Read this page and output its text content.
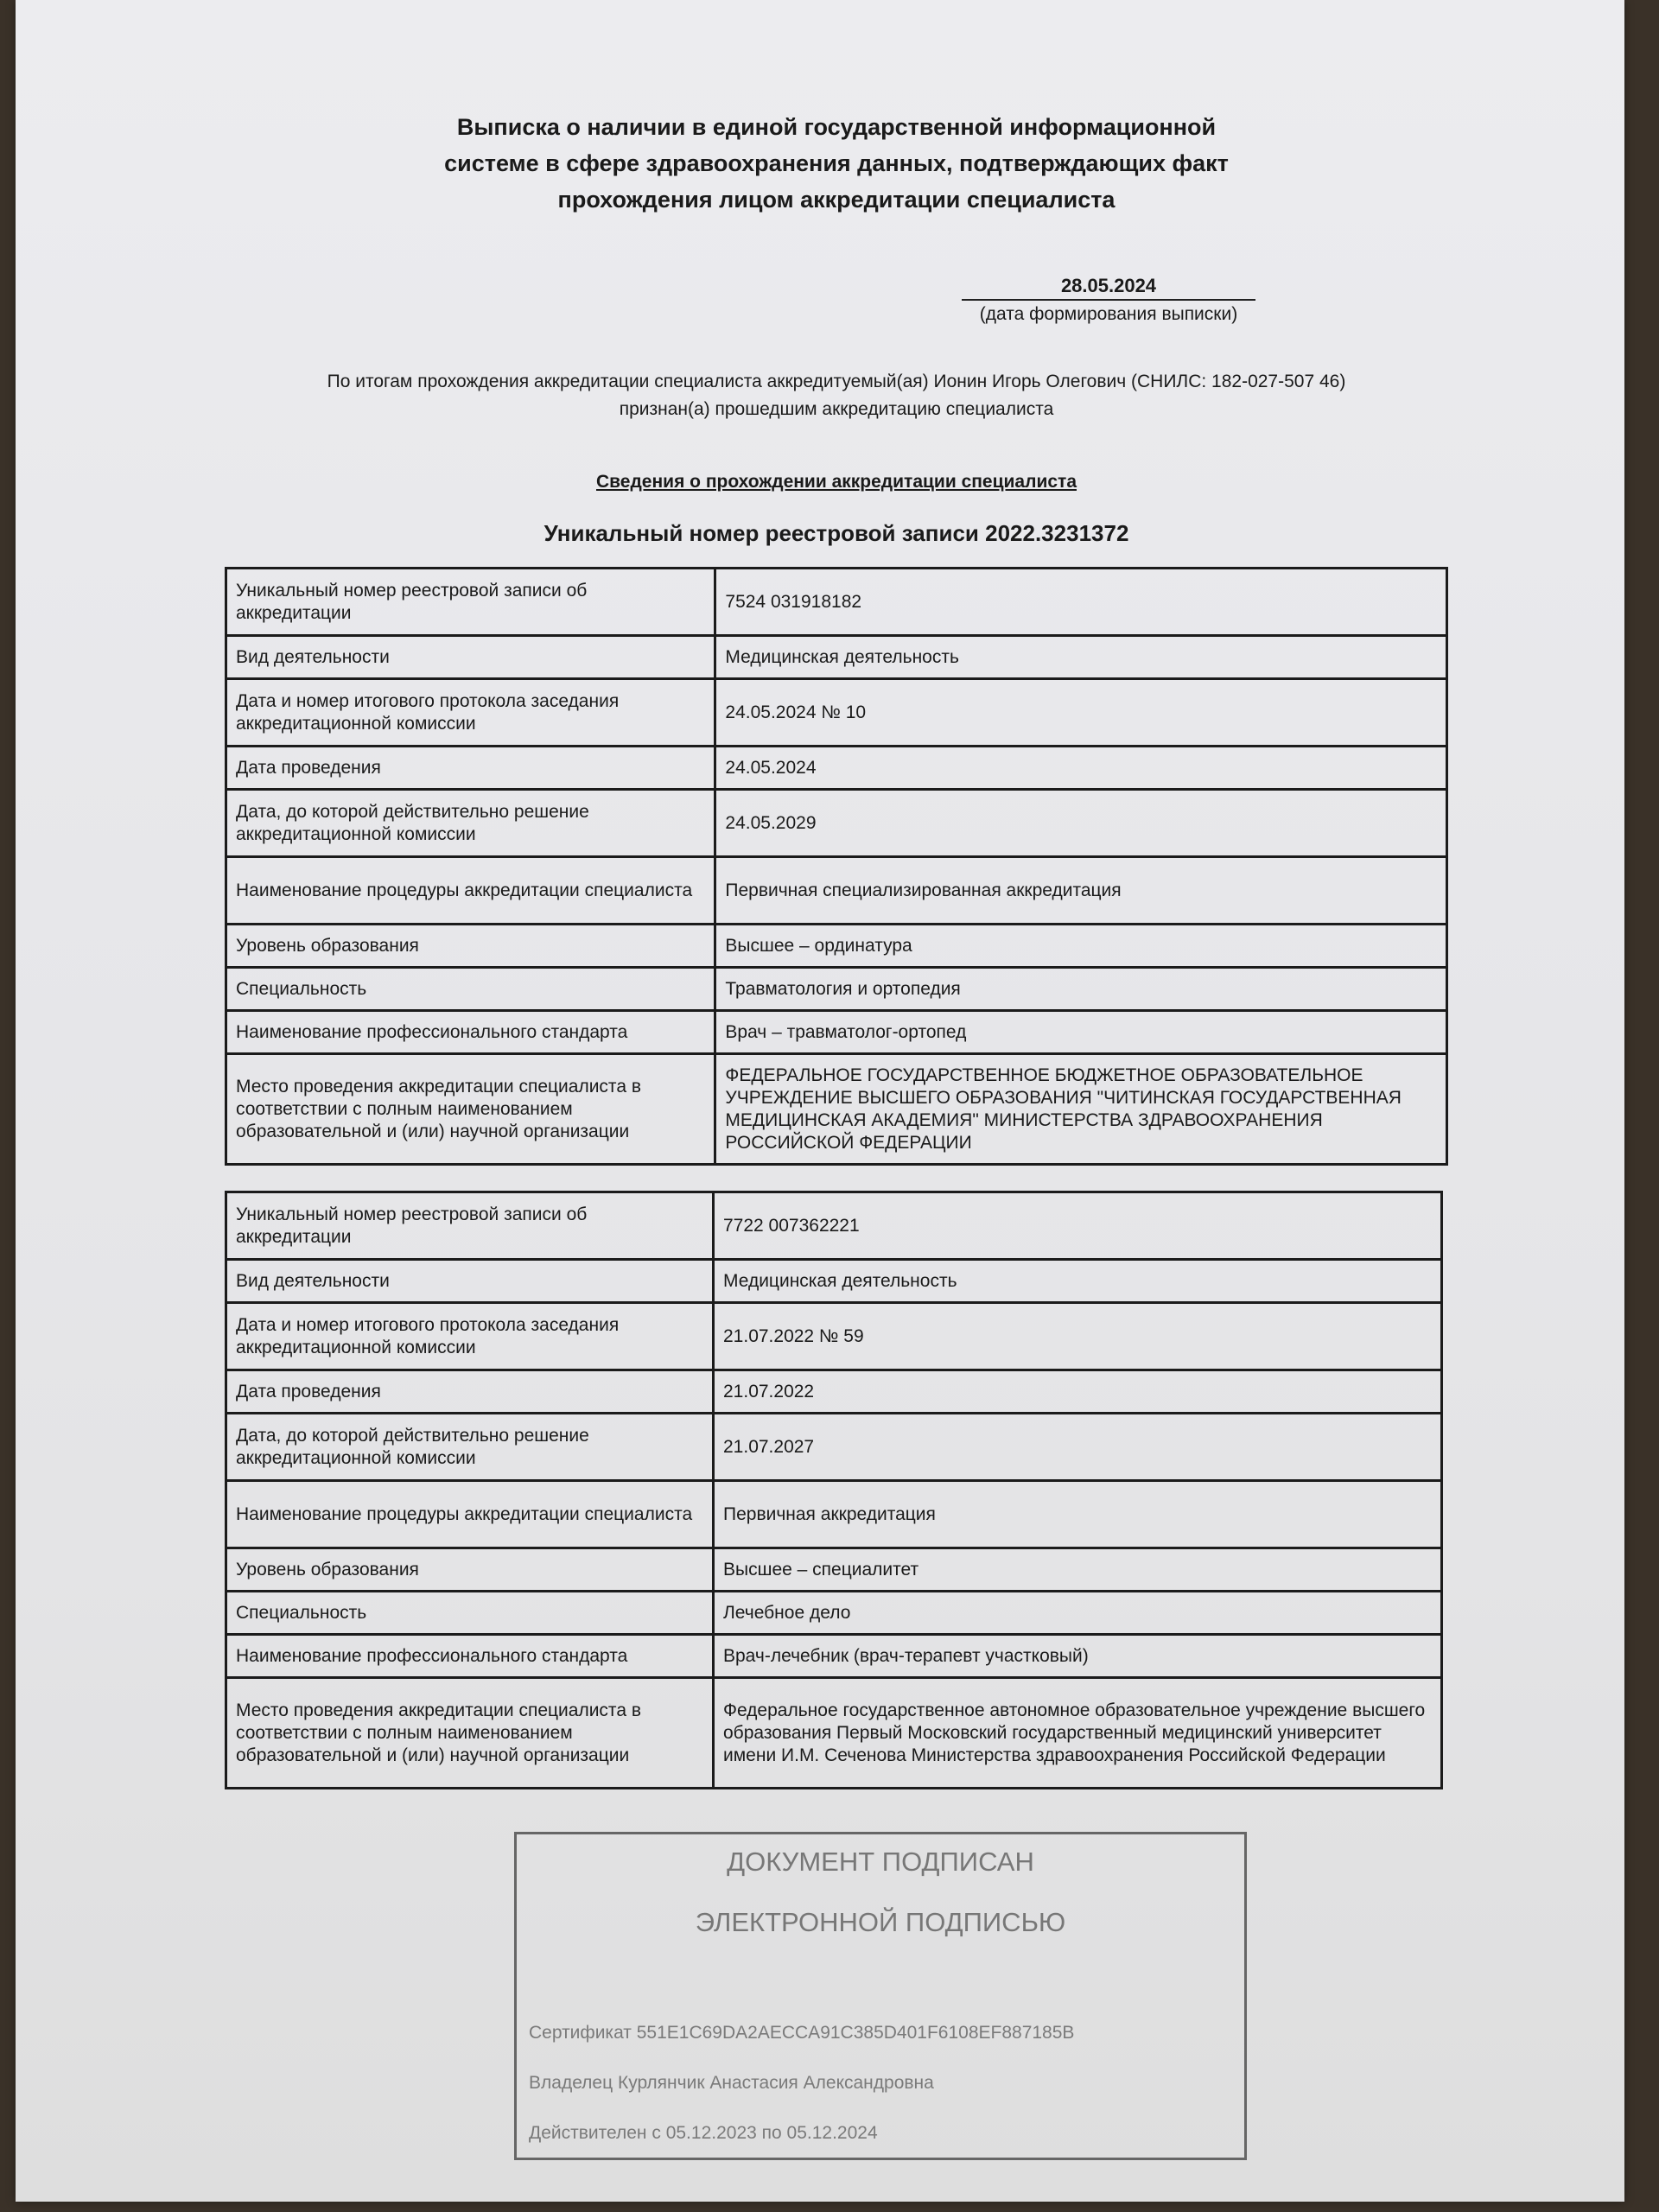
Выписка о наличии в единой государственной информационной
системе в сфере здравоохранения данных, подтверждающих факт
прохождения лицом аккредитации специалиста
28.05.2024
(дата формирования выписки)
По итогам прохождения аккредитации специалиста аккредитуемый(ая) Ионин Игорь Олегович (СНИЛС: 182-027-507 46)
признан(а) прошедшим аккредитацию специалиста
Сведения о прохождении аккредитации специалиста
Уникальный номер реестровой записи 2022.3231372
Уникальный номер реестровой записи об аккредитации	7524 031918182
Вид деятельности	Медицинская деятельность
Дата и номер итогового протокола заседания аккредитационной комиссии	24.05.2024 № 10
Дата проведения	24.05.2024
Дата, до которой действительно решение аккредитационной комиссии	24.05.2029
Наименование процедуры аккредитации специалиста	Первичная специализированная аккредитация
Уровень образования	Высшее – ординатура
Специальность	Травматология и ортопедия
Наименование профессионального стандарта	Врач – травматолог-ортопед
Место проведения аккредитации специалиста в соответствии с полным наименованием образовательной и (или) научной организации	ФЕДЕРАЛЬНОЕ ГОСУДАРСТВЕННОЕ БЮДЖЕТНОЕ ОБРАЗОВАТЕЛЬНОЕ УЧРЕЖДЕНИЕ ВЫСШЕГО ОБРАЗОВАНИЯ "ЧИТИНСКАЯ ГОСУДАРСТВЕННАЯ МЕДИЦИНСКАЯ АКАДЕМИЯ" МИНИСТЕРСТВА ЗДРАВООХРАНЕНИЯ РОССИЙСКОЙ ФЕДЕРАЦИИ
Уникальный номер реестровой записи об аккредитации	7722 007362221
Вид деятельности	Медицинская деятельность
Дата и номер итогового протокола заседания аккредитационной комиссии	21.07.2022 № 59
Дата проведения	21.07.2022
Дата, до которой действительно решение аккредитационной комиссии	21.07.2027
Наименование процедуры аккредитации специалиста	Первичная аккредитация
Уровень образования	Высшее – специалитет
Специальность	Лечебное дело
Наименование профессионального стандарта	Врач-лечебник (врач-терапевт участковый)
Место проведения аккредитации специалиста в соответствии с полным наименованием образовательной и (или) научной организации	Федеральное государственное автономное образовательное учреждение высшего образования Первый Московский государственный медицинский университет имени И.М. Сеченова Министерства здравоохранения Российской Федерации
ДОКУМЕНТ ПОДПИСАН
ЭЛЕКТРОННОЙ ПОДПИСЬЮ
Сертификат 551E1C69DA2AECCA91C385D401F6108EF887185B
Владелец Курлянчик Анастасия Александровна
Действителен с 05.12.2023 по 05.12.2024
